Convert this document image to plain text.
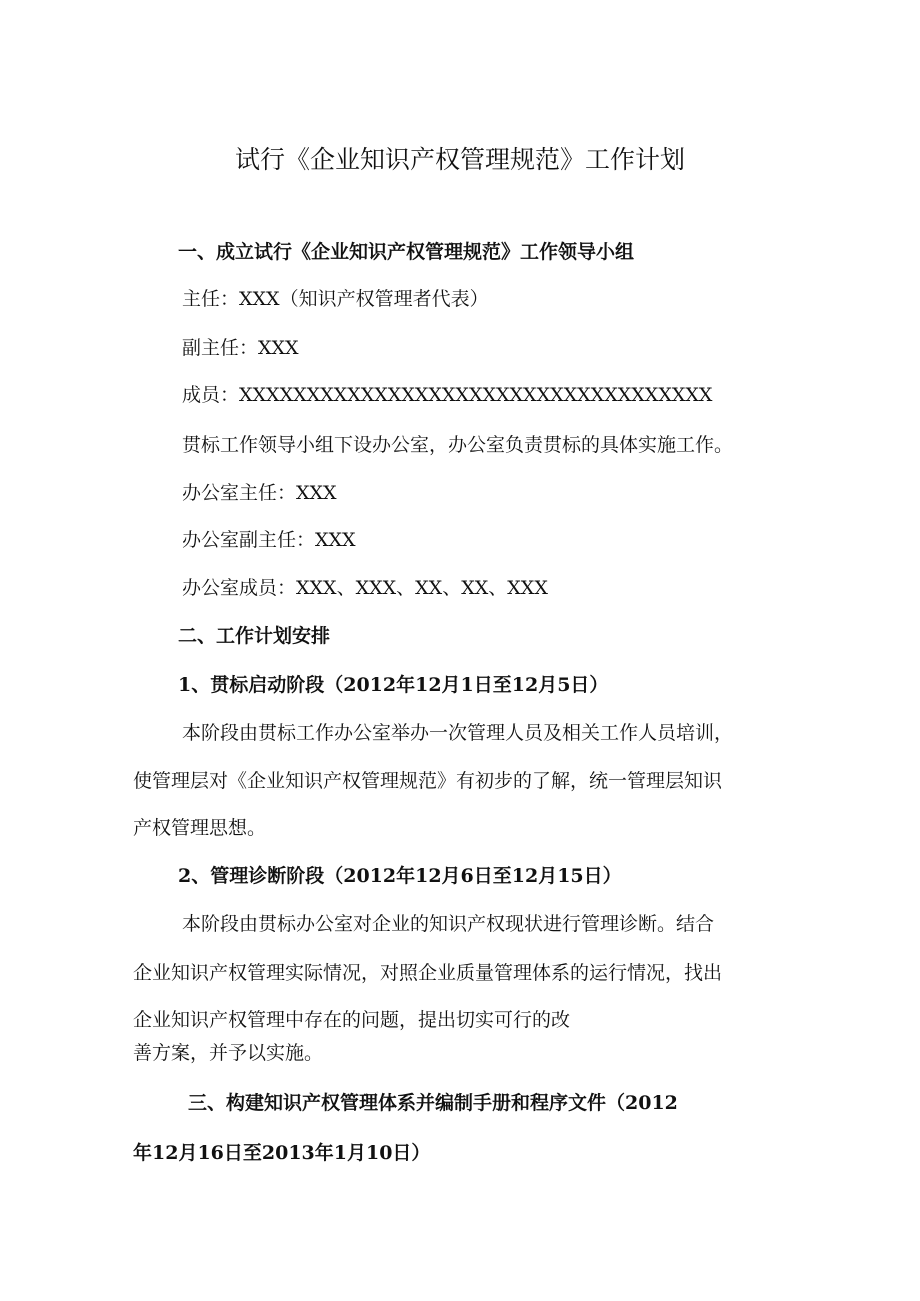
试行《企业知识产权管理规范》工作计划
一、成立试行《企业知识产权管理规范》工作领导小组
主任：XXX（知识产权管理者代表）
副主任：XXX
成员：XXXXXXXXXXXXXXXXXXXXXXXXXXXXXXXXXXX
贯标工作领导小组下设办公室，办公室负责贯标的具体实施工作。
办公室主任：XXX
办公室副主任：XXX
办公室成员：XXX、XXX、XX、XX、XXX
二、工作计划安排
1、贯标启动阶段（2012年12月1日至12月5日）
本阶段由贯标工作办公室举办一次管理人员及相关工作人员培训，
使管理层对《企业知识产权管理规范》有初步的了解，统一管理层知识
产权管理思想。
2、管理诊断阶段（2012年12月6日至12月15日）
本阶段由贯标办公室对企业的知识产权现状进行管理诊断。结合
企业知识产权管理实际情况，对照企业质量管理体系的运行情况，找出
企业知识产权管理中存在的问题，提出切实可行的改
善方案，并予以实施。
三、构建知识产权管理体系并编制手册和程序文件（2012
年12月16日至2013年1月10日）
